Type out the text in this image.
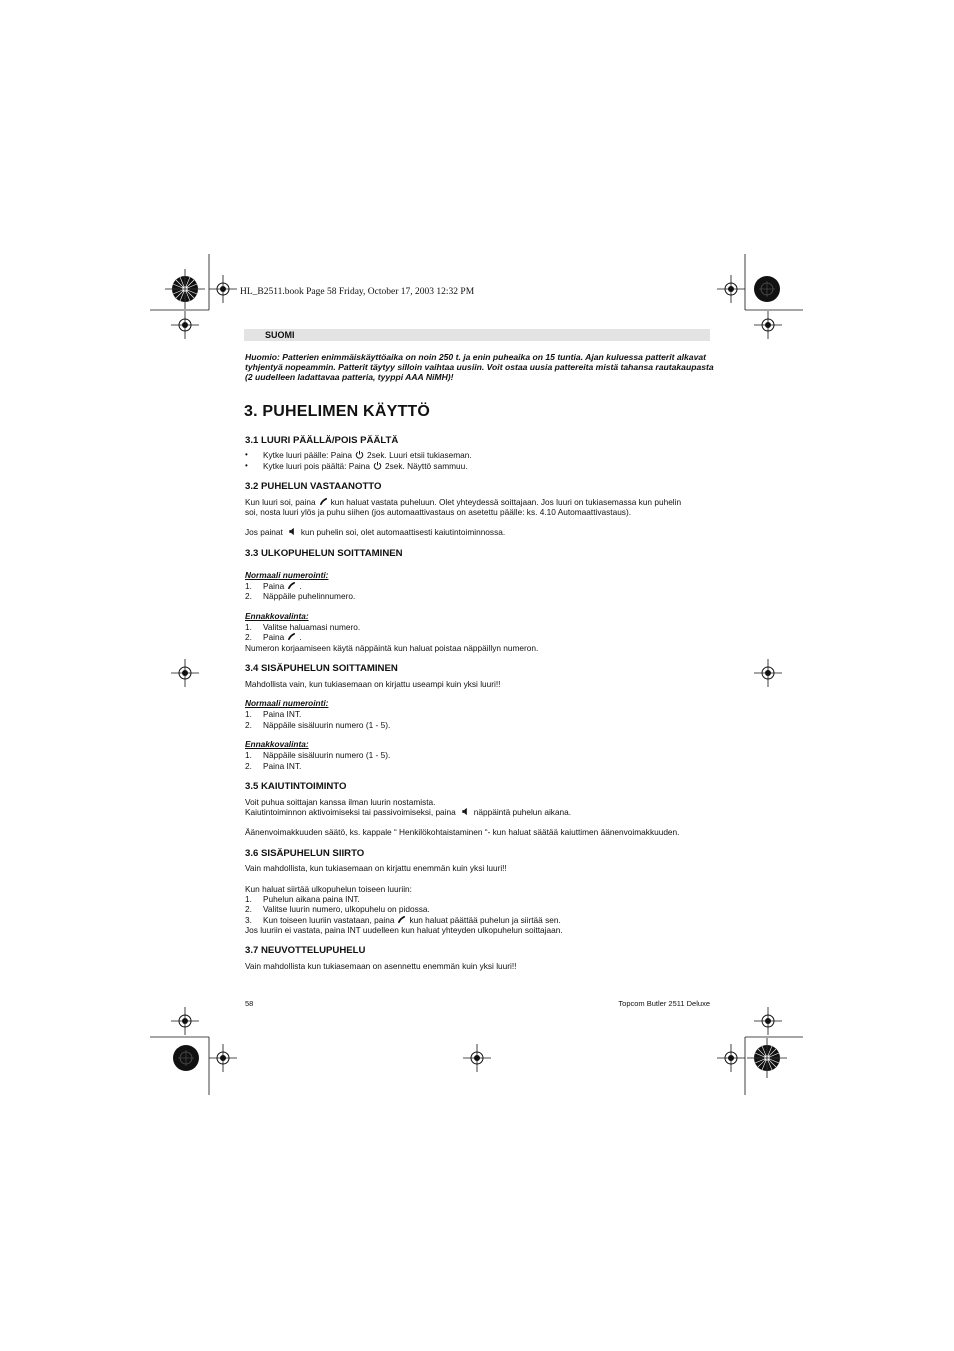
HL_B2511.book Page 58 Friday, October 17, 2003 12:32 PM
SUOMI
Huomio: Patterien enimmäiskäyttöaika on noin 250 t. ja enin puheaika on 15 tuntia. Ajan kuluessa patterit alkavat tyhjentyä nopeammin. Patterit täytyy silloin vaihtaa uusiin. Voit ostaa uusia pattereita mistä tahansa rautakaupasta (2 uudelleen ladattavaa patteria, tyyppi AAA NiMH)!
3. PUHELIMEN KÄYTTÖ
3.1 LUURI PÄÄLLÄ/POIS PÄÄLTÄ
• Kytke luuri päälle: Paina 2sek. Luuri etsii tukiaseman.
• Kytke luuri pois päältä: Paina 2sek. Näyttö sammuu.
3.2 PUHELUN VASTAANOTTO
Kun luuri soi, paina kun haluat vastata puheluun. Olet yhteydessä soittajaan. Jos luuri on tukiasemassa kun puhelin
soi, nosta luuri ylös ja puhu siihen (jos automaattivastaus on asetettu päälle: ks. 4.10 Automaattivastaus).
Jos painat kun puhelin soi, olet automaattisesti kaiutintoiminnossa.
3.3 ULKOPUHELUN SOITTAMINEN
Normaali numerointi:
1. Paina .
2. Näppäile puhelinnumero.
Ennakkovalinta:
1. Valitse haluamasi numero.
2. Paina .
Numeron korjaamiseen käytä näppäintä kun haluat poistaa näppäillyn numeron.
3.4 SISÄPUHELUN SOITTAMINEN
Mahdollista vain, kun tukiasemaan on kirjattu useampi kuin yksi luuri!!
Normaali numerointi:
1. Paina INT.
2. Näppäile sisäluurin numero (1 - 5).
Ennakkovalinta:
1. Näppäile sisäluurin numero (1 - 5).
2. Paina INT.
3.5 KAIUTINTOIMINTO
Voit puhua soittajan kanssa ilman luurin nostamista.
Kaiutintoiminnon aktivoimiseksi tai passivoimiseksi, paina näppäintä puhelun aikana.
Äänenvoimakkuuden säätö, ks. kappale “ Henkilökohtaistaminen “- kun haluat säätää kaiuttimen äänenvoimakkuuden.
3.6 SISÄPUHELUN SIIRTO
Vain mahdollista, kun tukiasemaan on kirjattu enemmän kuin yksi luuri!!
Kun haluat siirtää ulkopuhelun toiseen luuriin:
1. Puhelun aikana paina INT.
2. Valitse luurin numero, ulkopuhelu on pidossa.
3. Kun toiseen luuriin vastataan, paina kun haluat päättää puhelun ja siirtää sen.
Jos luuriin ei vastata, paina INT uudelleen kun haluat yhteyden ulkopuhelun soittajaan.
3.7 NEUVOTTELUPUHELU
Vain mahdollista kun tukiasemaan on asennettu enemmän kuin yksi luuri!!
58	Topcom Butler 2511 Deluxe
